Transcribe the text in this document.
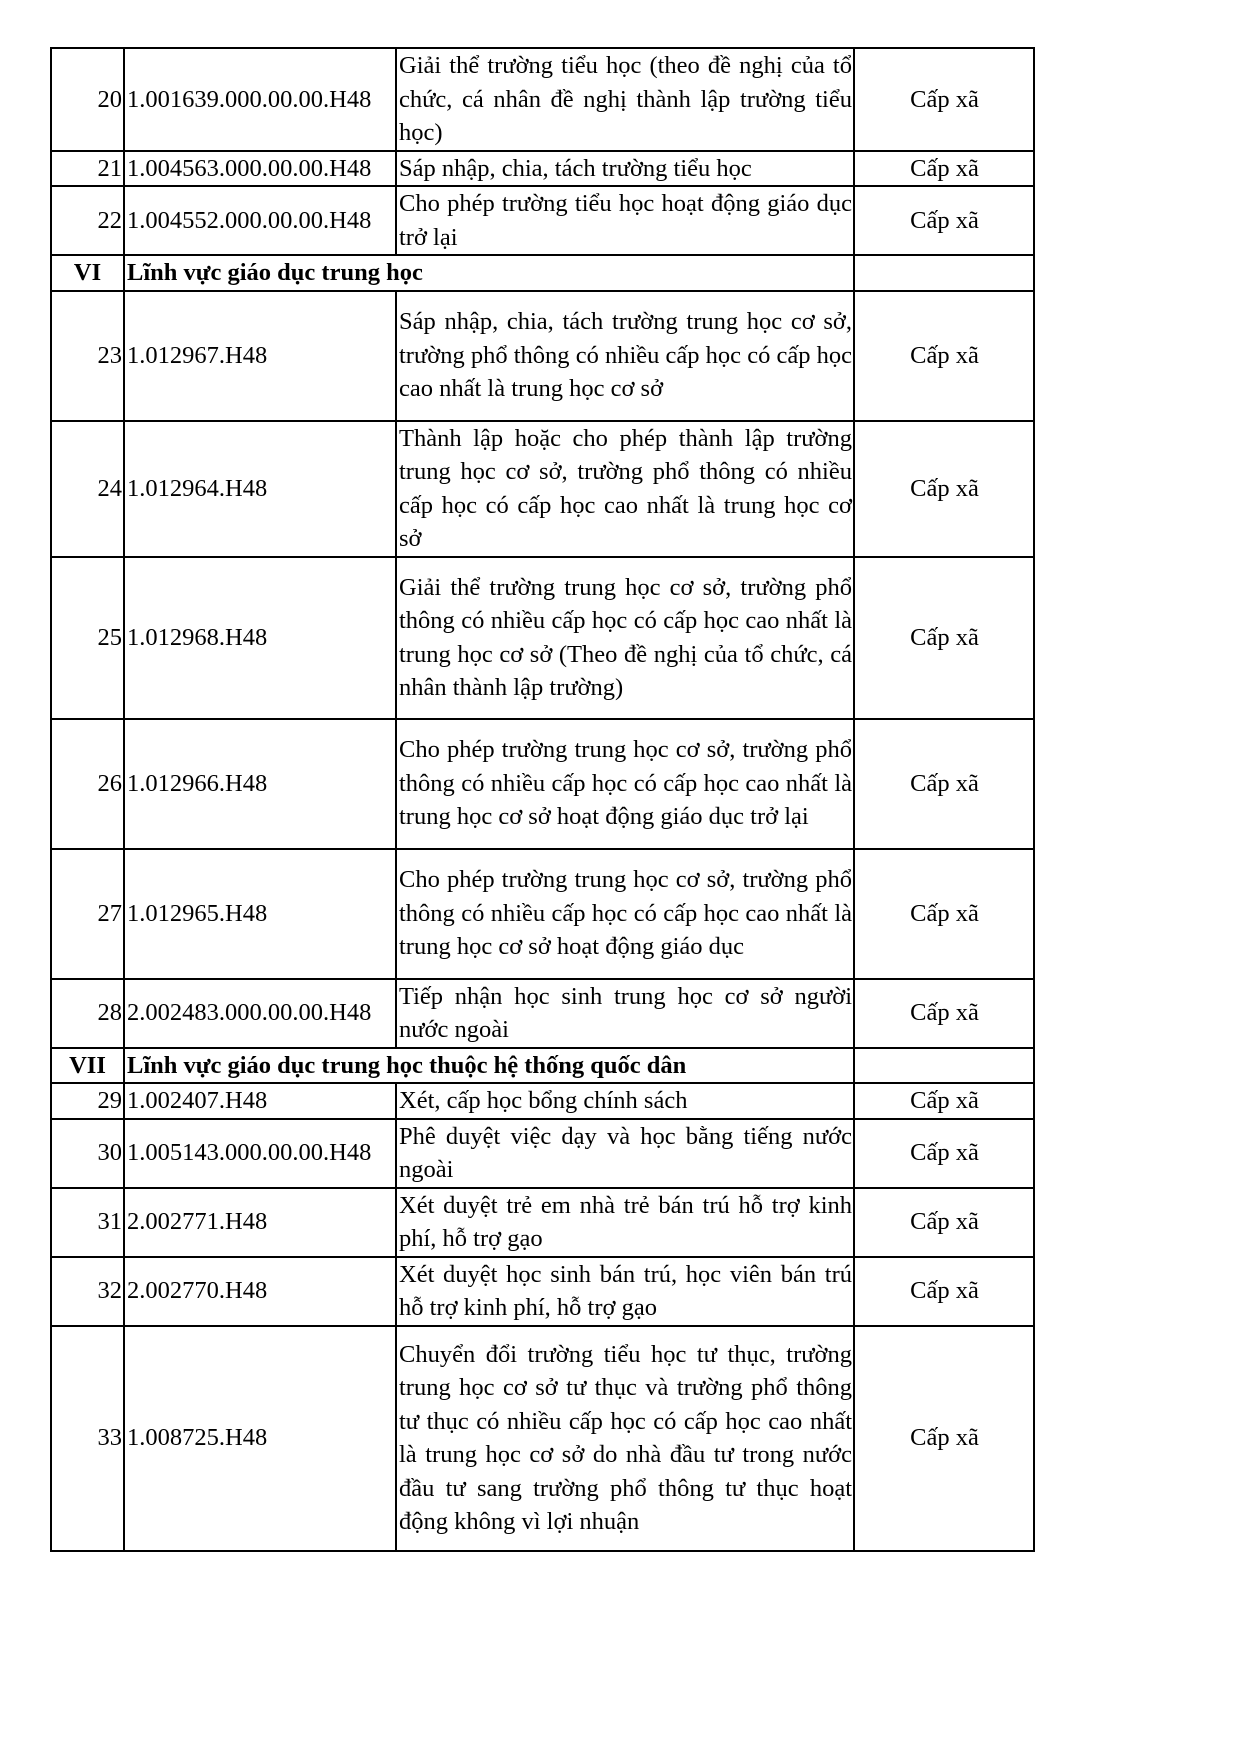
20	1.001639.000.00.00.H48	Giải thể trường tiểu học (theo đề nghị của tổ chức, cá nhân đề nghị thành lập trường tiểu học)	Cấp xã
21	1.004563.000.00.00.H48	Sáp nhập, chia, tách trường tiểu học	Cấp xã
22	1.004552.000.00.00.H48	Cho phép trường tiểu học hoạt động giáo dục trở lại	Cấp xã
VI	Lĩnh vực giáo dục trung học		
23	1.012967.H48	Sáp nhập, chia, tách trường trung học cơ sở, trường phổ thông có nhiều cấp học có cấp học cao nhất là trung học cơ sở	Cấp xã
24	1.012964.H48	Thành lập hoặc cho phép thành lập trường trung học cơ sở, trường phổ thông có nhiều cấp học có cấp học cao nhất là trung học cơ sở	Cấp xã
25	1.012968.H48	Giải thể trường trung học cơ sở, trường phổ thông có nhiều cấp học có cấp học cao nhất là trung học cơ sở (Theo đề nghị của tổ chức, cá nhân thành lập trường)	Cấp xã
26	1.012966.H48	Cho phép trường trung học cơ sở, trường phổ thông có nhiều cấp học có cấp học cao nhất là trung học cơ sở hoạt động giáo dục trở lại	Cấp xã
27	1.012965.H48	Cho phép trường trung học cơ sở, trường phổ thông có nhiều cấp học có cấp học cao nhất là trung học cơ sở hoạt động giáo dục	Cấp xã
28	2.002483.000.00.00.H48	Tiếp nhận học sinh trung học cơ sở người nước ngoài	Cấp xã
VII	Lĩnh vực giáo dục trung học thuộc hệ thống quốc dân		
29	1.002407.H48	Xét, cấp học bổng chính sách	Cấp xã
30	1.005143.000.00.00.H48	Phê duyệt việc dạy và học bằng tiếng nước ngoài	Cấp xã
31	2.002771.H48	Xét duyệt trẻ em nhà trẻ bán trú hỗ trợ kinh phí, hỗ trợ gạo	Cấp xã
32	2.002770.H48	Xét duyệt học sinh bán trú, học viên bán trú hỗ trợ kinh phí, hỗ trợ gạo	Cấp xã
33	1.008725.H48	Chuyển đổi trường tiểu học tư thục, trường trung học cơ sở tư thục và trường phổ thông tư thục có nhiều cấp học có cấp học cao nhất là trung học cơ sở do nhà đầu tư trong nước đầu tư sang trường phổ thông tư thục hoạt động không vì lợi nhuận	Cấp xã
